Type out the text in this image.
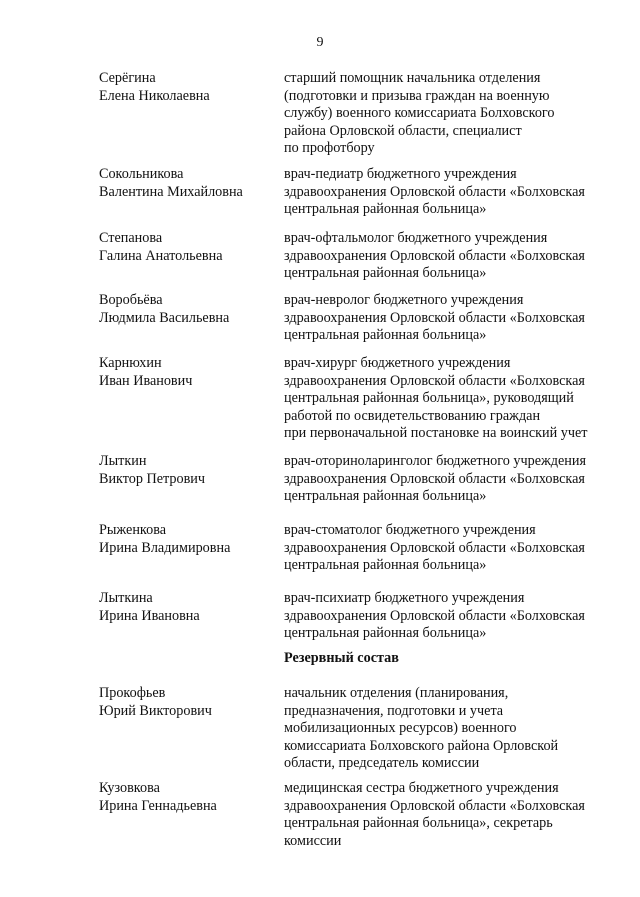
9
Серёгина
Елена Николаевна
старший помощник начальника отделения
(подготовки и призыва граждан на военную
службу) военного комиссариата Болховского
района Орловской области, специалист
по профотбору
Сокольникова
Валентина Михайловна
врач-педиатр бюджетного учреждения
здравоохранения Орловской области «Болховская
центральная районная больница»
Степанова
Галина Анатольевна
врач-офтальмолог бюджетного учреждения
здравоохранения Орловской области «Болховская
центральная районная больница»
Воробьёва
Людмила Васильевна
врач-невролог бюджетного учреждения
здравоохранения Орловской области «Болховская
центральная районная больница»
Карнюхин
Иван Иванович
врач-хирург бюджетного учреждения
здравоохранения Орловской области «Болховская
центральная районная больница», руководящий
работой по освидетельствованию граждан
при первоначальной постановке на воинский учет
Лыткин
Виктор Петрович
врач-оториноларинголог бюджетного учреждения
здравоохранения Орловской области «Болховская
центральная районная больница»
Рыженкова
Ирина Владимировна
врач-стоматолог бюджетного учреждения
здравоохранения Орловской области «Болховская
центральная районная больница»
Лыткина
Ирина Ивановна
врач-психиатр бюджетного учреждения
здравоохранения Орловской области «Болховская
центральная районная больница»
Резервный состав
Прокофьев
Юрий Викторович
начальник отделения (планирования,
предназначения, подготовки и учета
мобилизационных ресурсов) военного
комиссариата Болховского района Орловской
области, председатель комиссии
Кузовкова
Ирина Геннадьевна
медицинская сестра бюджетного учреждения
здравоохранения Орловской области «Болховская
центральная районная больница», секретарь
комиссии
